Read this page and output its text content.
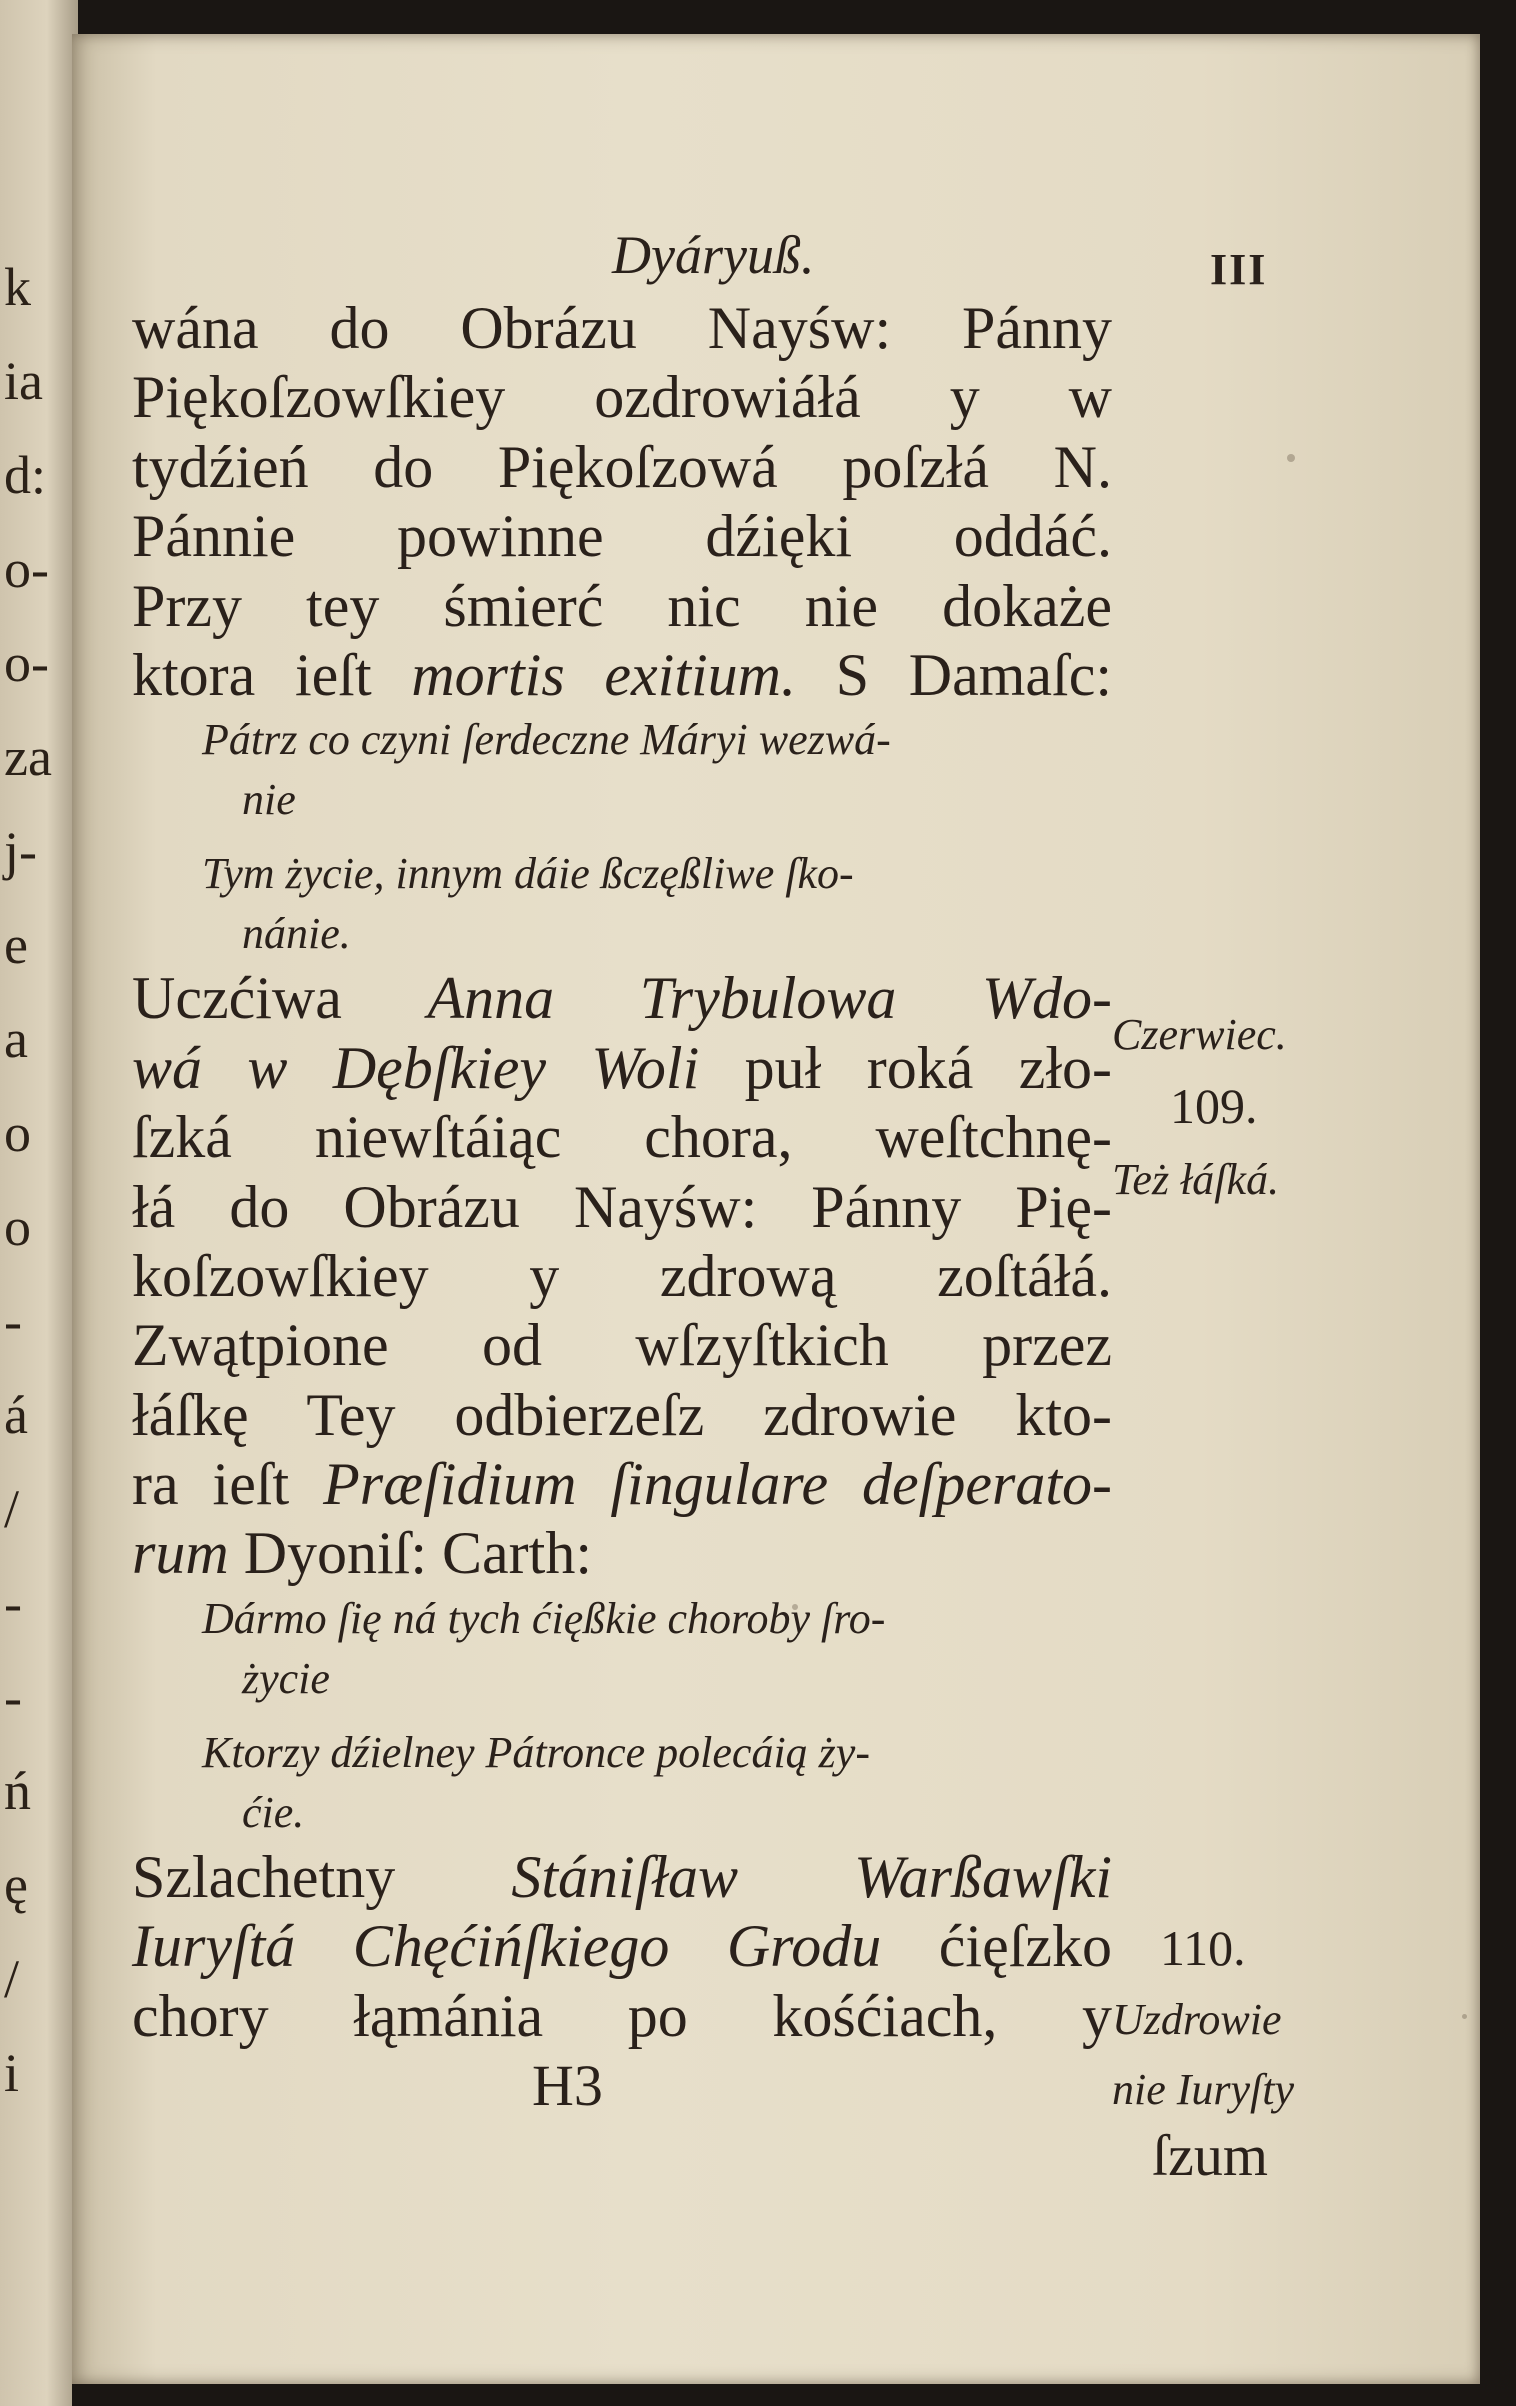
k
ia
d:
o-
o-
za
j-
e
a
o
o
-
á
/
-
-
ń
ę
/
i
Dyáryuß.	III
wána do Obrázu Nayśw: Pánny
Piękoſzowſkiey ozdrowiáłá y w
tydźień do Piękoſzowá poſzłá N.
Pánnie powinne dźięki oddáć.
Przy tey śmierć nic nie dokaże
ktora ieſt mortis exitium. S Damaſc:
Pátrz co czyni ſerdeczne Máryi wezwá-
nie
Tym życie, innym dáie ßczęßliwe ſko-
nánie.
Uczćiwa Anna Trybulowa Wdo-
wá w Dębſkiey Woli puł roká zło-
ſzká niewſtáiąc chora, weſtchnę-
łá do Obrázu Nayśw: Pánny Pię-
koſzowſkiey y zdrową zoſtáłá.
Zwątpione od wſzyſtkich przez
łáſkę Tey odbierzeſz zdrowie kto-
ra ieſt Præſidium ſingulare deſperato-
rum Dyoniſ: Carth:
Dármo ſię ná tych ćięßkie choroby ſro-
życie
Ktorzy dźielney Pátronce polecáią ży-
ćie.
Szlachetny Stániſław Warßawſki
Iuryſtá Chęćińſkiego Grodu ćięſzko
chory łąmánia po kośćiach, y
H3
Czerwiec.
109.
Też łáſká.
110.
Uzdrowie
nie Iuryſty
ſzum
